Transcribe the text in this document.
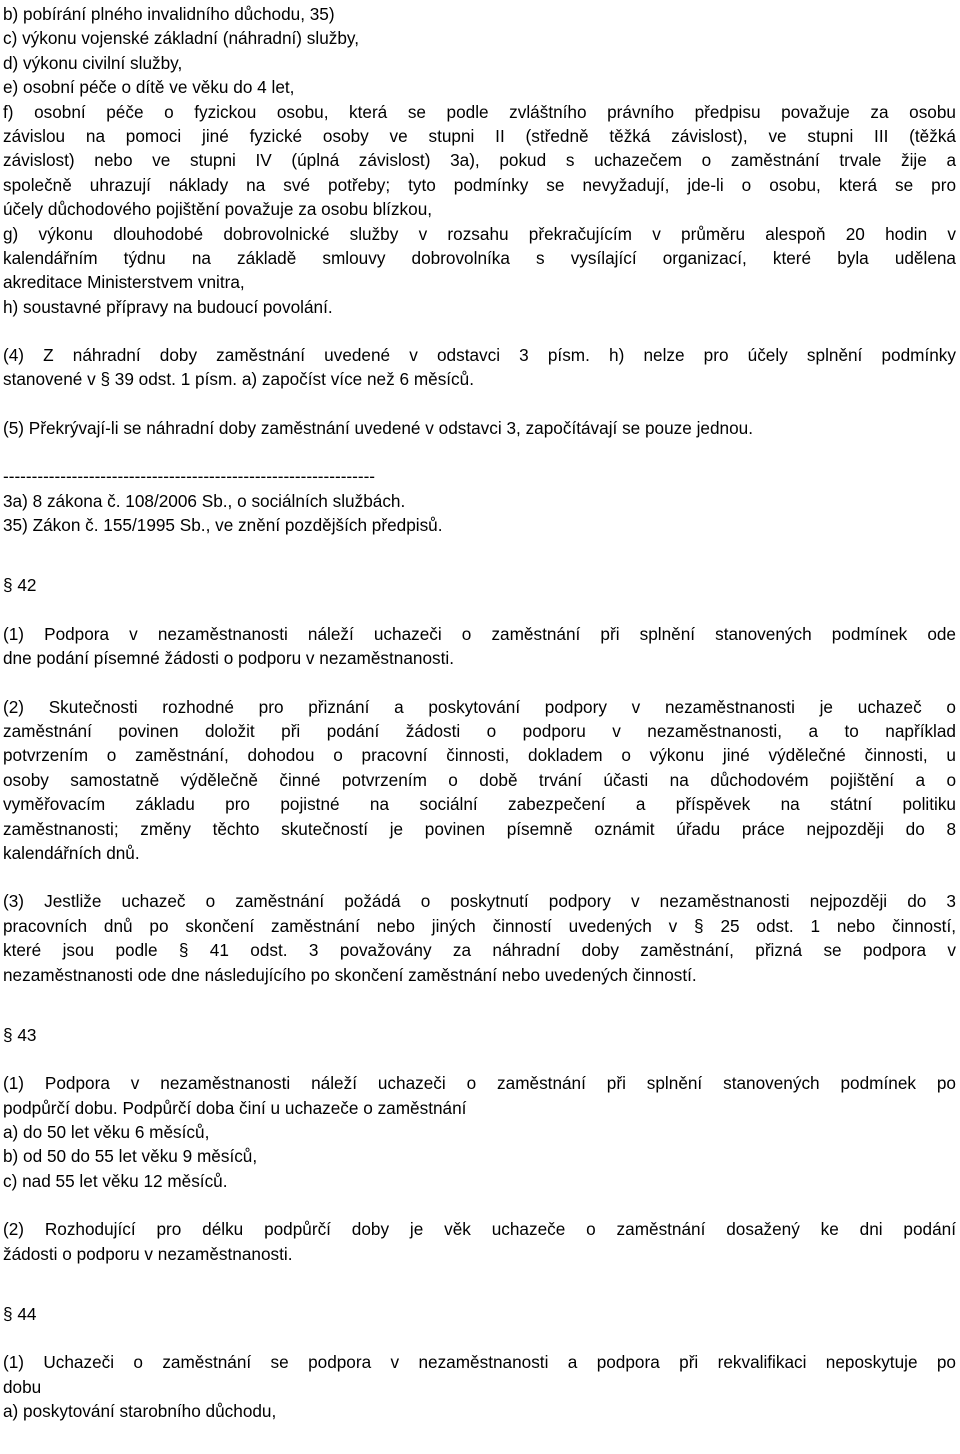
b) pobírání plného invalidního důchodu, 35)
c) výkonu vojenské základní (náhradní) služby,
d) výkonu civilní služby,
e) osobní péče o dítě ve věku do 4 let,
f) osobní péče o fyzickou osobu, která se podle zvláštního právního předpisu považuje za osobu
závislou na pomoci jiné fyzické osoby ve stupni II (středně těžká závislost), ve stupni III (těžká
závislost) nebo ve stupni IV (úplná závislost) 3a), pokud s uchazečem o zaměstnání trvale žije a
společně uhrazují náklady na své potřeby; tyto podmínky se nevyžadují, jde-li o osobu, která se pro
účely důchodového pojištění považuje za osobu blízkou,
g) výkonu dlouhodobé dobrovolnické služby v rozsahu překračujícím v průměru alespoň 20 hodin v
kalendářním týdnu na základě smlouvy dobrovolníka s vysílající organizací, které byla udělena
akreditace Ministerstvem vnitra,
h) soustavné přípravy na budoucí povolání.
(4) Z náhradní doby zaměstnání uvedené v odstavci 3 písm. h) nelze pro účely splnění podmínky
stanovené v § 39 odst. 1 písm. a) započíst více než 6 měsíců.
(5) Překrývají-li se náhradní doby zaměstnání uvedené v odstavci 3, započítávají se pouze jednou.
-----------------------------------------------------------------
3a) 8 zákona č. 108/2006 Sb., o sociálních službách.
35) Zákon č. 155/1995 Sb., ve znění pozdějších předpisů.
§ 42
(1) Podpora v nezaměstnanosti náleží uchazeči o zaměstnání při splnění stanovených podmínek ode
dne podání písemné žádosti o podporu v nezaměstnanosti.
(2) Skutečnosti rozhodné pro přiznání a poskytování podpory v nezaměstnanosti je uchazeč o
zaměstnání povinen doložit při podání žádosti o podporu v nezaměstnanosti, a to například
potvrzením o zaměstnání, dohodou o pracovní činnosti, dokladem o výkonu jiné výdělečné činnosti, u
osoby samostatně výdělečně činné potvrzením o době trvání účasti na důchodovém pojištění a o
vyměřovacím základu pro pojistné na sociální zabezpečení a příspěvek na státní politiku
zaměstnanosti; změny těchto skutečností je povinen písemně oznámit úřadu práce nejpozději do 8
kalendářních dnů.
(3) Jestliže uchazeč o zaměstnání požádá o poskytnutí podpory v nezaměstnanosti nejpozději do 3
pracovních dnů po skončení zaměstnání nebo jiných činností uvedených v § 25 odst. 1 nebo činností,
které jsou podle § 41 odst. 3 považovány za náhradní doby zaměstnání, přizná se podpora v
nezaměstnanosti ode dne následujícího po skončení zaměstnání nebo uvedených činností.
§ 43
(1) Podpora v nezaměstnanosti náleží uchazeči o zaměstnání při splnění stanovených podmínek po
podpůrčí dobu. Podpůrčí doba činí u uchazeče o zaměstnání
a) do 50 let věku 6 měsíců,
b) od 50 do 55 let věku 9 měsíců,
c) nad 55 let věku 12 měsíců.
(2) Rozhodující pro délku podpůrčí doby je věk uchazeče o zaměstnání dosažený ke dni podání
žádosti o podporu v nezaměstnanosti.
§ 44
(1) Uchazeči o zaměstnání se podpora v nezaměstnanosti a podpora při rekvalifikaci neposkytuje po
dobu
a) poskytování starobního důchodu,
